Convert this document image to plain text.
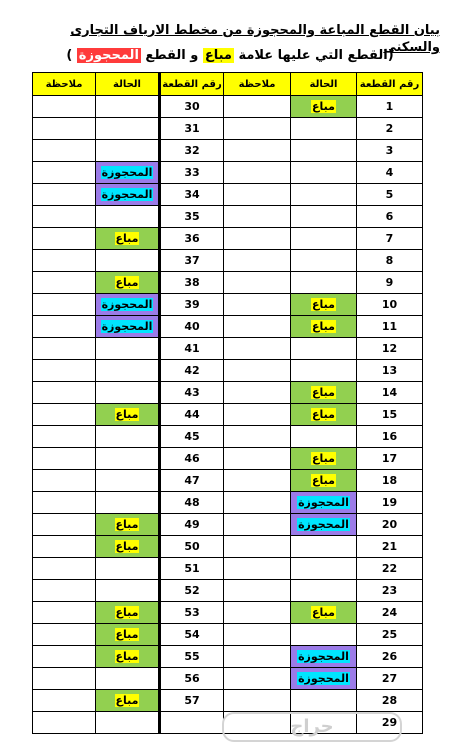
بيان القطع المباعة والمحجوزة من مخطط الارياف التجارى والسكنى
(القطع التي عليها علامة مباع و القطع المحجوزة )
رقم القطعة	الحالة	ملاحظة	رقم القطعة	الحالة	ملاحظة
1	مباع		30		
2			31		
3			32		
4			33	المحجوزة	
5			34	المحجوزة	
6			35		
7			36	مباع	
8			37		
9			38	مباع	
10	مباع		39	المحجوزة	
11	مباع		40	المحجوزة	
12			41		
13			42		
14	مباع		43		
15	مباع		44	مباع	
16			45		
17	مباع		46		
18	مباع		47		
19	المحجوزة		48		
20	المحجوزة		49	مباع	
21			50	مباع	
22			51		
23			52		
24	مباع		53	مباع	
25			54	مباع	
26	المحجوزة		55	مباع	
27	المحجوزة		56		
28			57	مباع	
29					
حراج
